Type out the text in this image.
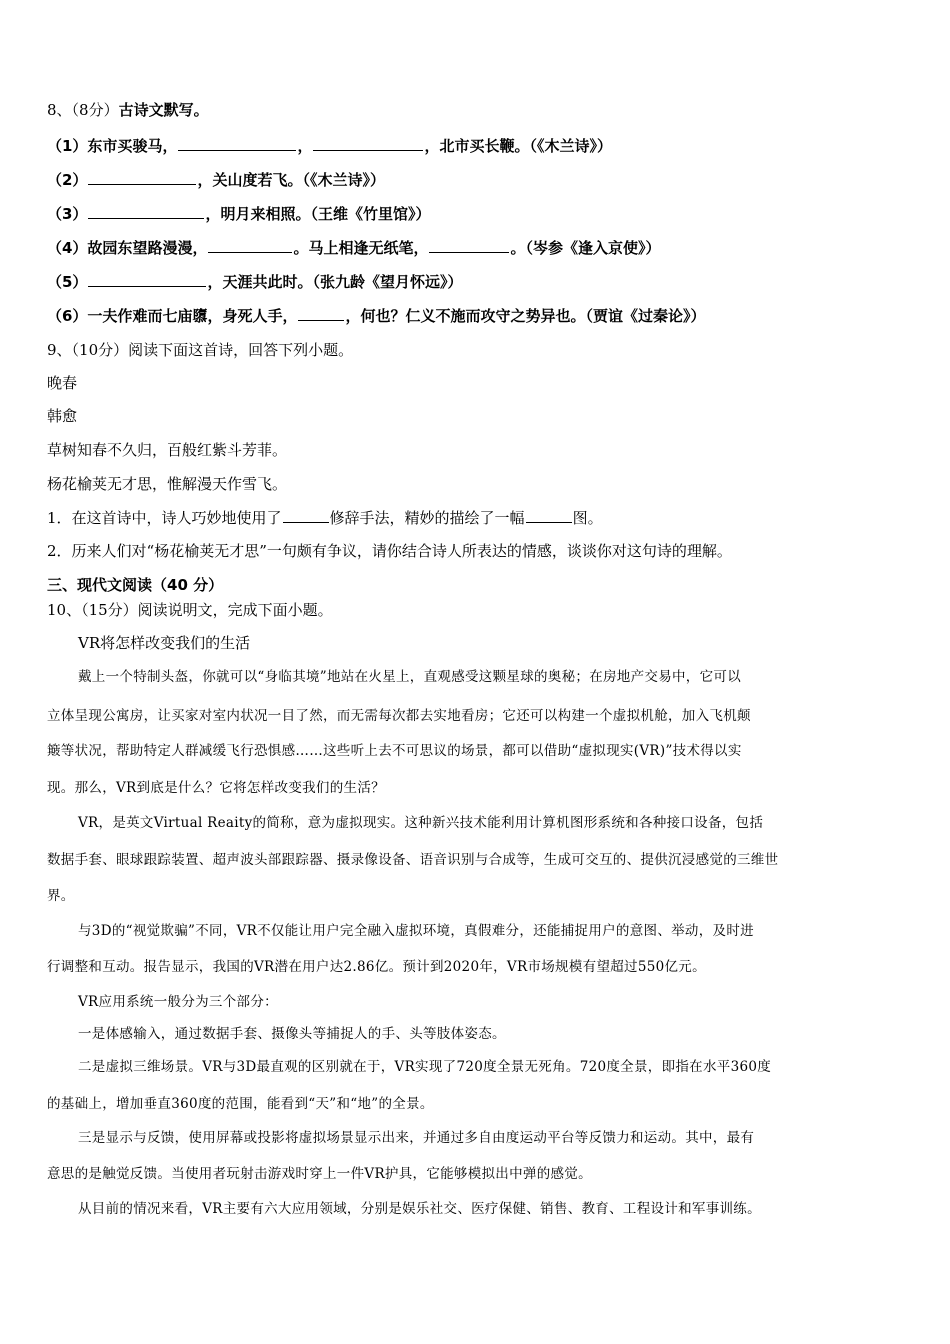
8、（8分）古诗文默写。
（1）东市买骏马，	，	，北市买长鞭。（《木兰诗》）
（2）	，关山度若飞。（《木兰诗》）
（3）	，明月来相照。（王维《竹里馆》）
（4）故园东望路漫漫，	。马上相逢无纸笔，	。（岑参《逢入京使》）
（5）	，天涯共此时。（张九龄《望月怀远》）
（6）一夫作难而七庙隳，身死人手，	，何也？仁义不施而攻守之势异也。（贾谊《过秦论》）
9、（10分）阅读下面这首诗，回答下列小题。
晚春
韩愈
草树知春不久归，百般红紫斗芳菲。
杨花榆荚无才思，惟解漫天作雪飞。
1．在这首诗中，诗人巧妙地使用了	修辞手法，精妙的描绘了一幅	图。
2．历来人们对“杨花榆荚无才思”一句颇有争议，请你结合诗人所表达的情感，谈谈你对这句诗的理解。
三、现代文阅读（40 分）
10、（15分）阅读说明文，完成下面小题。
VR将怎样改变我们的生活
戴上一个特制头盔，你就可以“身临其境”地站在火星上，直观感受这颗星球的奥秘；在房地产交易中，它可以
立体呈现公寓房，让买家对室内状况一目了然，而无需每次都去实地看房；它还可以构建一个虚拟机舱，加入飞机颠
簸等状况，帮助特定人群减缓飞行恐惧感……这些听上去不可思议的场景，都可以借助“虚拟现实(VR)”技术得以实
现。那么，VR到底是什么？它将怎样改变我们的生活？
VR，是英文Virtual Reaity的简称，意为虚拟现实。这种新兴技术能利用计算机图形系统和各种接口设备，包括
数据手套、眼球跟踪装置、超声波头部跟踪器、摄录像设备、语音识别与合成等，生成可交互的、提供沉浸感觉的三维世
界。
与3D的“视觉欺骗”不同，VR不仅能让用户完全融入虚拟环境，真假难分，还能捕捉用户的意图、举动，及时进
行调整和互动。报告显示，我国的VR潜在用户达2.86亿。预计到2020年，VR市场规模有望超过550亿元。
VR应用系统一般分为三个部分：
一是体感输入，通过数据手套、摄像头等捕捉人的手、头等肢体姿态。
二是虚拟三维场景。VR与3D最直观的区别就在于，VR实现了720度全景无死角。720度全景，即指在水平360度
的基础上，增加垂直360度的范围，能看到“天”和“地”的全景。
三是显示与反馈，使用屏幕或投影将虚拟场景显示出来，并通过多自由度运动平台等反馈力和运动。其中，最有
意思的是触觉反馈。当使用者玩射击游戏时穿上一件VR护具，它能够模拟出中弹的感觉。
从目前的情况来看，VR主要有六大应用领域，分别是娱乐社交、医疗保健、销售、教育、工程设计和军事训练。
